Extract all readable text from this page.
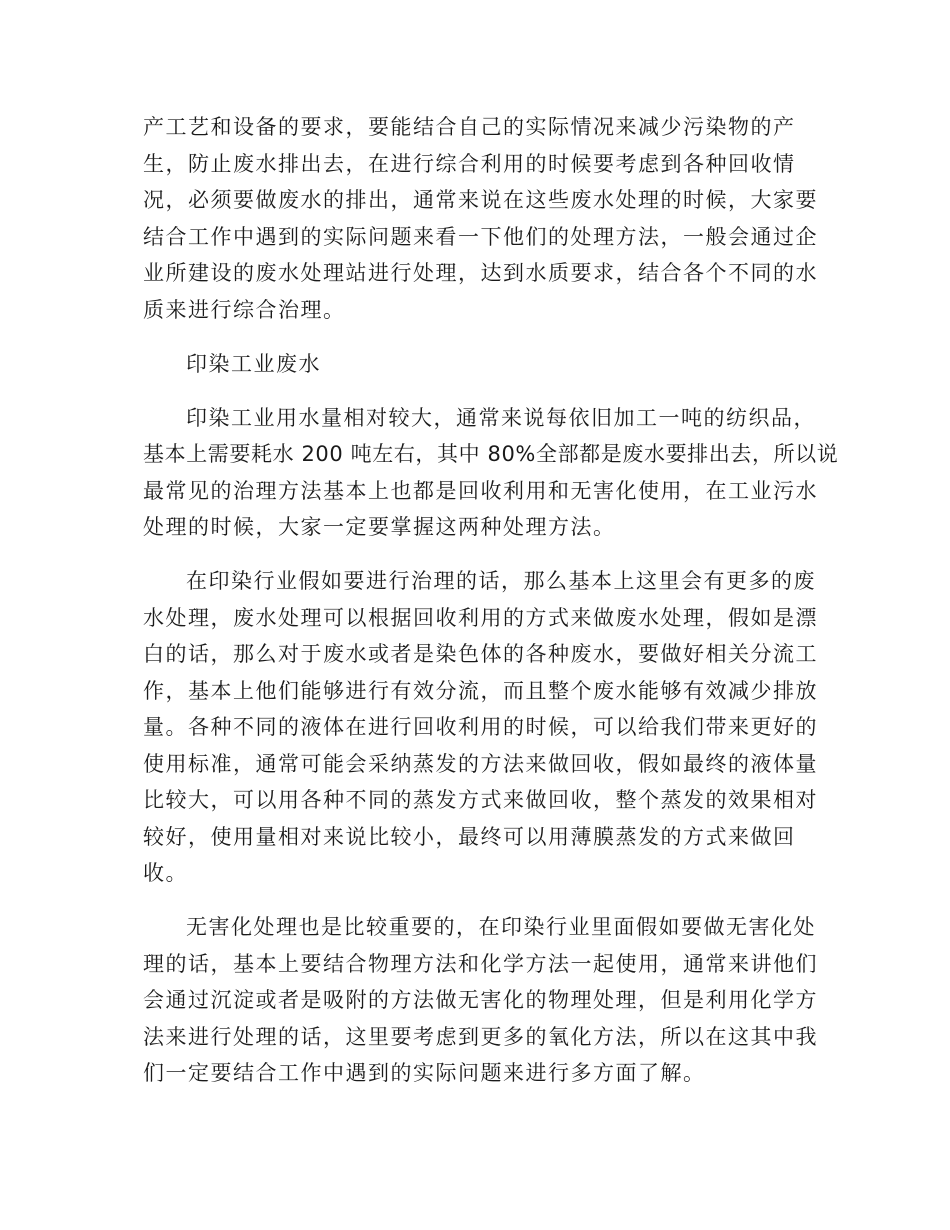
产工艺和设备的要求，要能结合自己的实际情况来减少污染物的产
生，防止废水排出去，在进行综合利用的时候要考虑到各种回收情
况，必须要做废水的排出，通常来说在这些废水处理的时候，大家要
结合工作中遇到的实际问题来看一下他们的处理方法，一般会通过企
业所建设的废水处理站进行处理，达到水质要求，结合各个不同的水
质来进行综合治理。
印染工业废水
印染工业用水量相对较大，通常来说每依旧加工一吨的纺织品，
基本上需要耗水 200 吨左右，其中 80%全部都是废水要排出去，所以说
最常见的治理方法基本上也都是回收利用和无害化使用，在工业污水
处理的时候，大家一定要掌握这两种处理方法。
在印染行业假如要进行治理的话，那么基本上这里会有更多的废
水处理，废水处理可以根据回收利用的方式来做废水处理，假如是漂
白的话，那么对于废水或者是染色体的各种废水，要做好相关分流工
作，基本上他们能够进行有效分流，而且整个废水能够有效减少排放
量。各种不同的液体在进行回收利用的时候，可以给我们带来更好的
使用标准，通常可能会采纳蒸发的方法来做回收，假如最终的液体量
比较大，可以用各种不同的蒸发方式来做回收，整个蒸发的效果相对
较好，使用量相对来说比较小，最终可以用薄膜蒸发的方式来做回
收。
无害化处理也是比较重要的，在印染行业里面假如要做无害化处
理的话，基本上要结合物理方法和化学方法一起使用，通常来讲他们
会通过沉淀或者是吸附的方法做无害化的物理处理，但是利用化学方
法来进行处理的话，这里要考虑到更多的氧化方法，所以在这其中我
们一定要结合工作中遇到的实际问题来进行多方面了解。
